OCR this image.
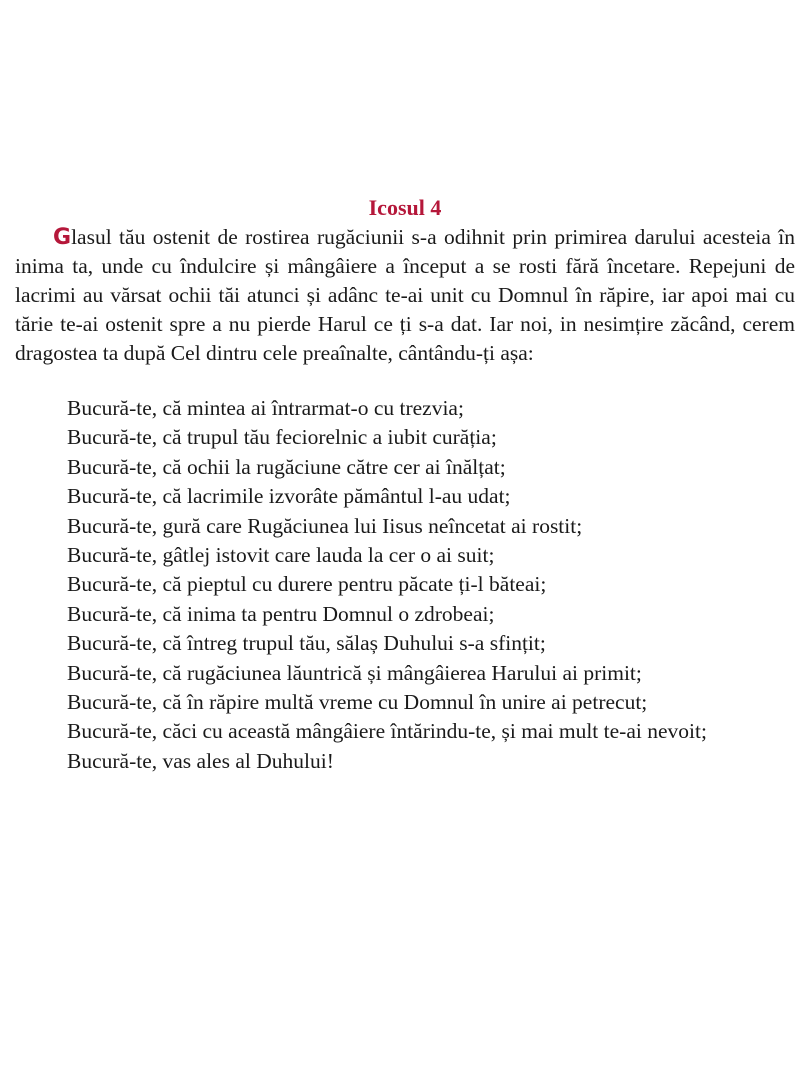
Icosul 4

Glasul tău ostenit de rostirea rugăciunii s-a odihnit prin primirea darului acesteia în inima ta, unde cu îndulcire și mângâiere a început a se rosti fără încetare. Repejuni de lacrimi au vărsat ochii tăi atunci și adânc te-ai unit cu Domnul în răpire, iar apoi mai cu tărie te-ai ostenit spre a nu pierde Harul ce ți s-a dat. Iar noi, in nesimțire zăcând, cerem dragostea ta după Cel dintru cele preaînalte, cântându-ți așa:

Bucură-te, că mintea ai întrarmat-o cu trezvia;
Bucură-te, că trupul tău feciorelnic a iubit curăția;
Bucură-te, că ochii la rugăciune către cer ai înălțat;
Bucură-te, că lacrimile izvorâte pământul l-au udat;
Bucură-te, gură care Rugăciunea lui Iisus neîncetat ai rostit;
Bucură-te, gâtlej istovit care lauda la cer o ai suit;
Bucură-te, că pieptul cu durere pentru păcate ți-l băteai;
Bucură-te, că inima ta pentru Domnul o zdrobeai;
Bucură-te, că întreg trupul tău, sălaș Duhului s-a sfințit;
Bucură-te, că rugăciunea lăuntrică și mângâierea Harului ai primit;
Bucură-te, că în răpire multă vreme cu Domnul în unire ai petrecut;
Bucură-te, căci cu această mângâiere întărindu-te, și mai mult te-ai nevoit;
Bucură-te, vas ales al Duhului!
